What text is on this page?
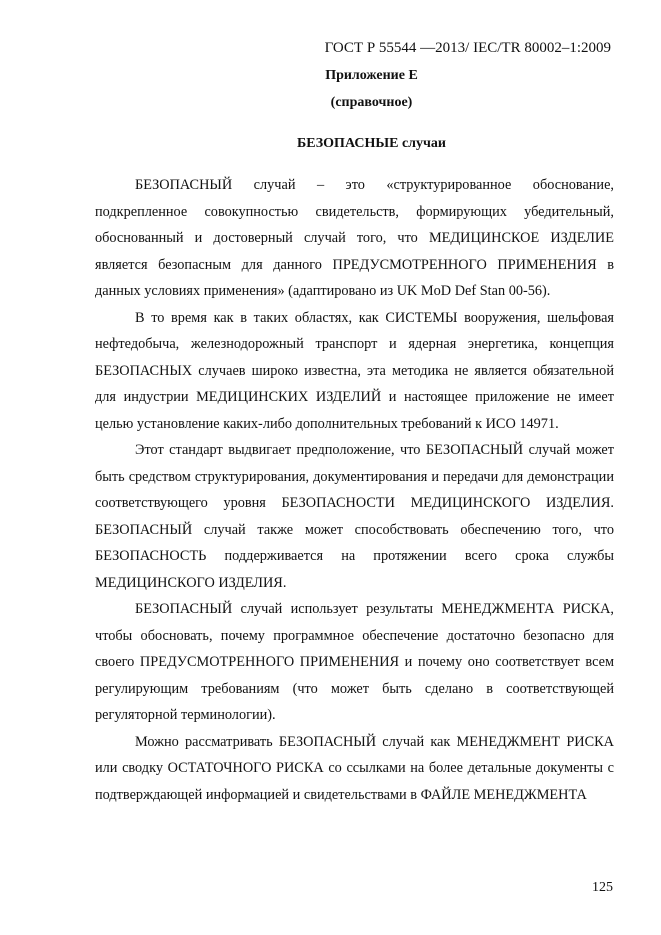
ГОСТ Р 55544 —2013/ IEC/TR 80002–1:2009
Приложение Е
(справочное)
БЕЗОПАСНЫЕ случаи

БЕЗОПАСНЫЙ случай – это «структурированное обоснование, подкрепленное совокупностью свидетельств, формирующих убедительный, обоснованный и достоверный случай того, что МЕДИЦИНСКОЕ ИЗДЕЛИЕ является безопасным для данного ПРЕДУСМОТРЕННОГО ПРИМЕНЕНИЯ в данных условиях применения» (адаптировано из UK MoD Def Stan 00-56).

В то время как в таких областях, как СИСТЕМЫ вооружения, шельфовая нефтедобыча, железнодорожный транспорт и ядерная энергетика, концепция БЕЗОПАСНЫХ случаев широко известна, эта методика не является обязательной для индустрии МЕДИЦИНСКИХ ИЗДЕЛИЙ и настоящее приложение не имеет целью установление каких-либо дополнительных требований к ИСО 14971.

Этот стандарт выдвигает предположение, что БЕЗОПАСНЫЙ случай может быть средством структурирования, документирования и передачи для демонстрации соответствующего уровня БЕЗОПАСНОСТИ МЕДИЦИНСКОГО ИЗДЕЛИЯ. БЕЗОПАСНЫЙ случай также может способствовать обеспечению того, что БЕЗОПАСНОСТЬ поддерживается на протяжении всего срока службы МЕДИЦИНСКОГО ИЗДЕЛИЯ.

БЕЗОПАСНЫЙ случай использует результаты МЕНЕДЖМЕНТА РИСКА, чтобы обосновать, почему программное обеспечение достаточно безопасно для своего ПРЕДУСМОТРЕННОГО ПРИМЕНЕНИЯ и почему оно соответствует всем регулирующим требованиям (что может быть сделано в соответствующей регуляторной терминологии).

Можно рассматривать БЕЗОПАСНЫЙ случай как МЕНЕДЖМЕНТ РИСКА или сводку ОСТАТОЧНОГО РИСКА со ссылками на более детальные документы с подтверждающей информацией и свидетельствами в ФАЙЛЕ МЕНЕДЖМЕНТА

125
